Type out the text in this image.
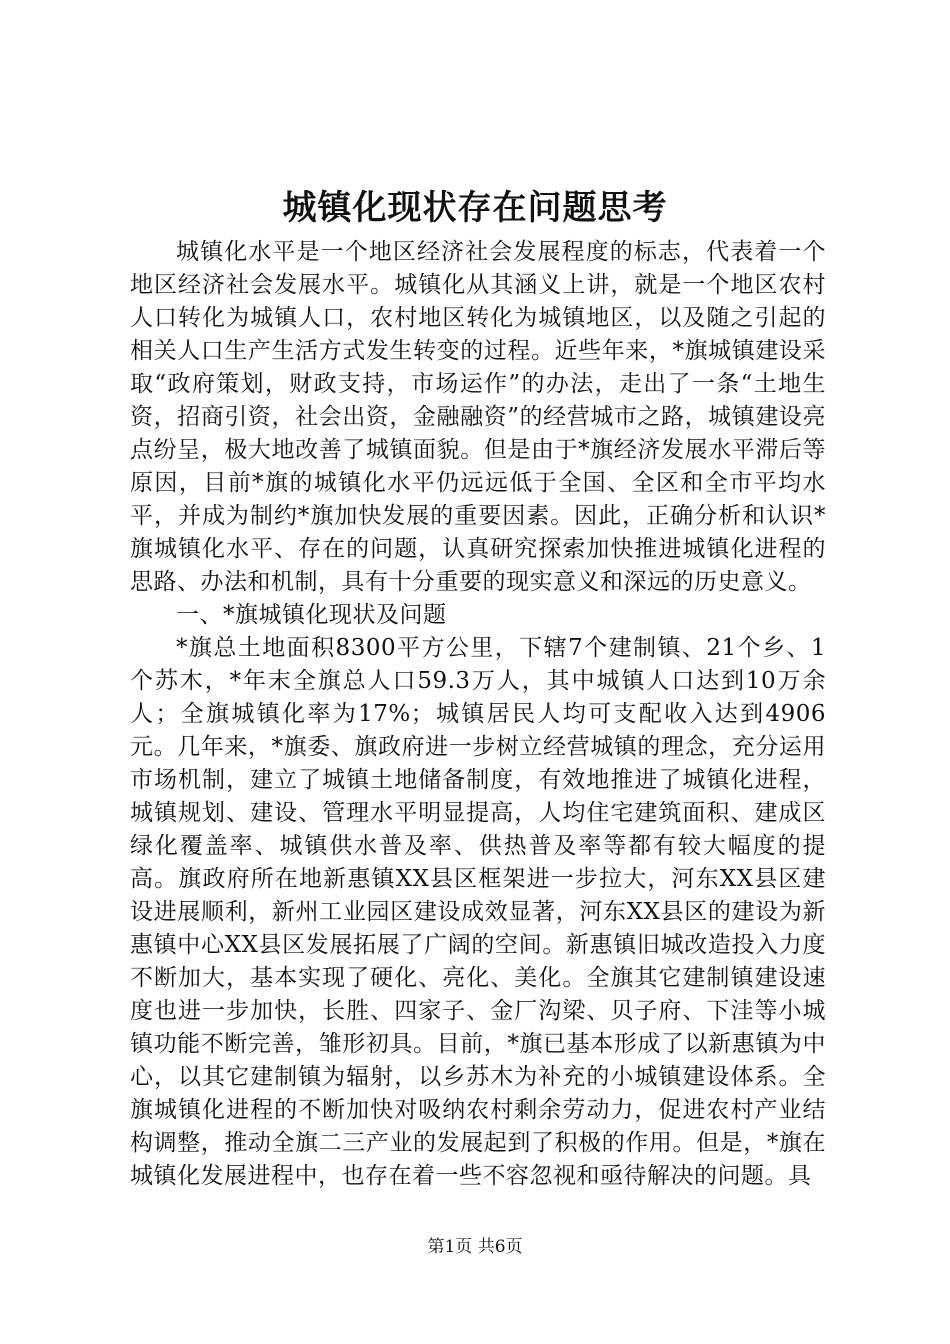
城镇化现状存在问题思考

城镇化水平是一个地区经济社会发展程度的标志，代表着一个地区经济社会发展水平。城镇化从其涵义上讲，就是一个地区农村人口转化为城镇人口，农村地区转化为城镇地区，以及随之引起的相关人口生产生活方式发生转变的过程。近些年来，*旗城镇建设采取“政府策划，财政支持，市场运作”的办法，走出了一条“土地生资，招商引资，社会出资，金融融资”的经营城市之路，城镇建设亮点纷呈，极大地改善了城镇面貌。但是由于*旗经济发展水平滞后等原因，目前*旗的城镇化水平仍远远低于全国、全区和全市平均水平，并成为制约*旗加快发展的重要因素。因此，正确分析和认识*旗城镇化水平、存在的问题，认真研究探索加快推进城镇化进程的思路、办法和机制，具有十分重要的现实意义和深远的历史意义。

一、*旗城镇化现状及问题

*旗总土地面积8300平方公里，下辖7个建制镇、21个乡、1个苏木，*年末全旗总人口59.3万人，其中城镇人口达到10万余人；全旗城镇化率为17%；城镇居民人均可支配收入达到4906元。几年来，*旗委、旗政府进一步树立经营城镇的理念，充分运用市场机制，建立了城镇土地储备制度，有效地推进了城镇化进程，城镇规划、建设、管理水平明显提高，人均住宅建筑面积、建成区绿化覆盖率、城镇供水普及率、供热普及率等都有较大幅度的提高。旗政府所在地新惠镇XX县区框架进一步拉大，河东XX县区建设进展顺利，新州工业园区建设成效显著，河东XX县区的建设为新惠镇中心XX县区发展拓展了广阔的空间。新惠镇旧城改造投入力度不断加大，基本实现了硬化、亮化、美化。全旗其它建制镇建设速度也进一步加快，长胜、四家子、金厂沟梁、贝子府、下洼等小城镇功能不断完善，雏形初具。目前，*旗已基本形成了以新惠镇为中心，以其它建制镇为辐射，以乡苏木为补充的小城镇建设体系。全旗城镇化进程的不断加快对吸纳农村剩余劳动力，促进农村产业结构调整，推动全旗二三产业的发展起到了积极的作用。但是，*旗在城镇化发展进程中，也存在着一些不容忽视和亟待解决的问题。具

第1页 共6页
